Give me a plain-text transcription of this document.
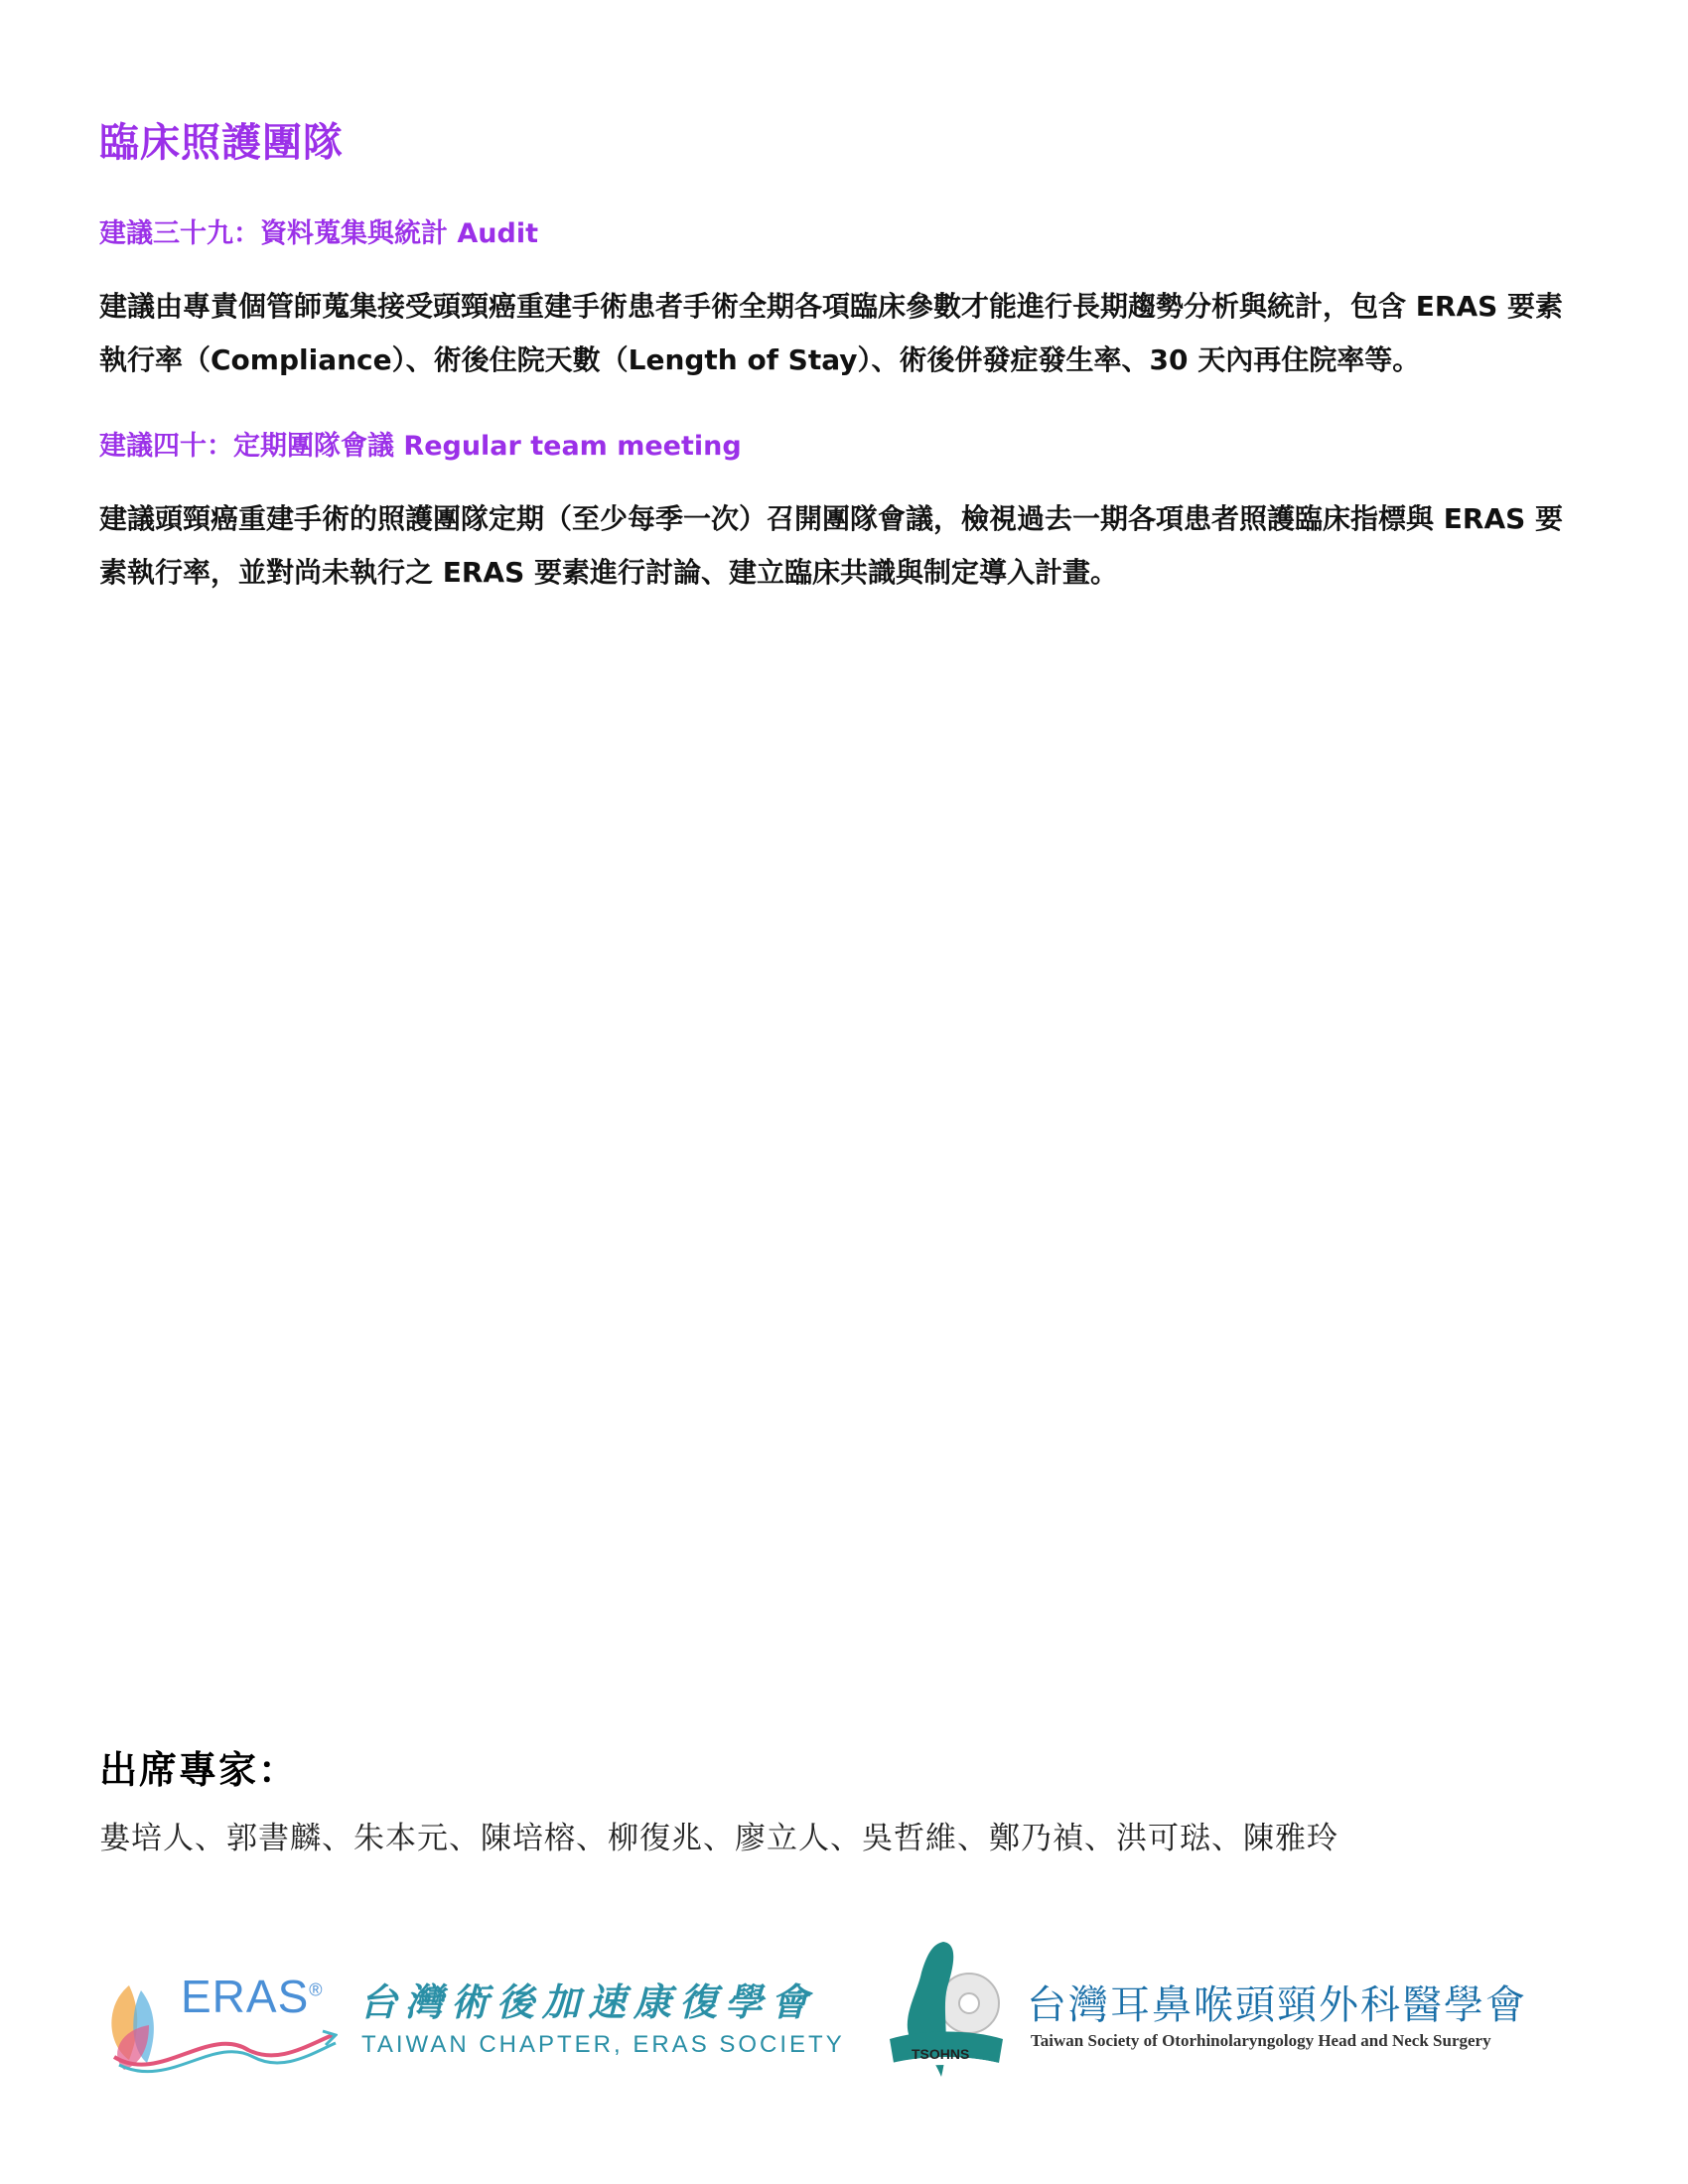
臨床照護團隊
建議三十九：資料蒐集與統計 Audit

建議由專責個管師蒐集接受頭頸癌重建手術患者手術全期各項臨床參數才能進行長期趨勢分析與統計，包含 ERAS 要素執行率（Compliance）、術後住院天數（Length of Stay）、術後併發症發生率、30 天內再住院率等。

建議四十：定期團隊會議 Regular team meeting

建議頭頸癌重建手術的照護團隊定期（至少每季一次）召開團隊會議，檢視過去一期各項患者照護臨床指標與 ERAS 要素執行率，並對尚未執行之 ERAS 要素進行討論、建立臨床共識與制定導入計畫。

出席專家：

婁培人、郭書麟、朱本元、陳培榕、柳復兆、廖立人、吳哲維、鄭乃禎、洪可琺、陳雅玲

ERAS® 台灣術後加速康復學會
TAIWAN CHAPTER, ERAS SOCIETY	TSOHNS
台灣耳鼻喉頭頸外科醫學會
Taiwan Society of Otorhinolaryngology Head and Neck Surgery
